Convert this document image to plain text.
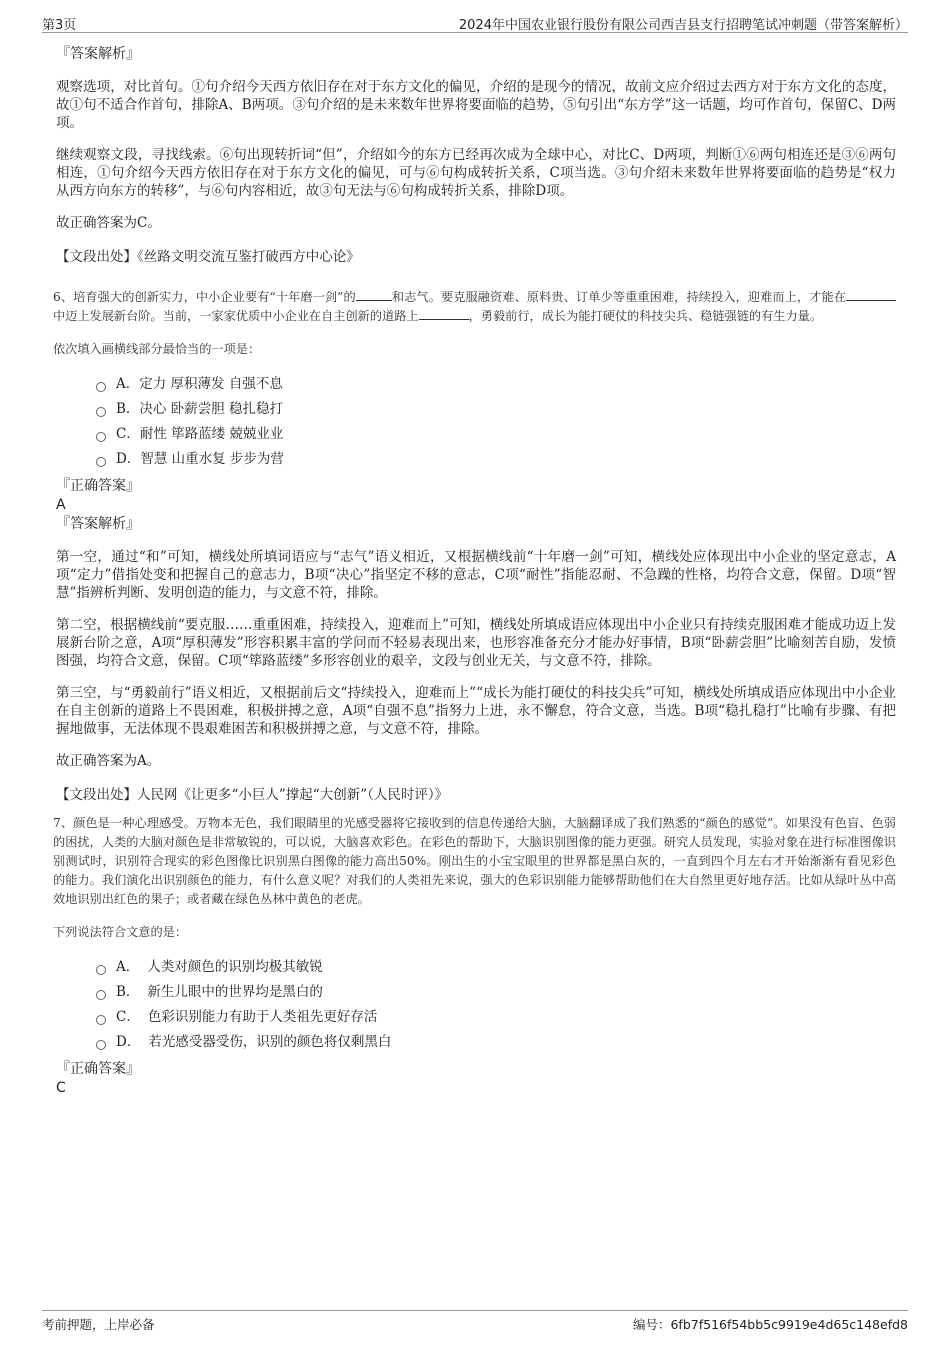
第3页	2024年中国农业银行股份有限公司西吉县支行招聘笔试冲刺题（带答案解析）

『答案解析』

观察选项，对比首句。①句介绍今天西方依旧存在对于东方文化的偏见，介绍的是现今的情况，故前文应介绍过去西方对于东方文化的态度，故①句不适合作首句，排除A、B两项。③句介绍的是未来数年世界将要面临的趋势，⑤句引出“东方学”这一话题，均可作首句，保留C、D两项。

继续观察文段，寻找线索。⑥句出现转折词“但”，介绍如今的东方已经再次成为全球中心，对比C、D两项，判断①⑥两句相连还是③⑥两句相连，①句介绍今天西方依旧存在对于东方文化的偏见，可与⑥句构成转折关系，C项当选。③句介绍未来数年世界将要面临的趋势是“权力从西方向东方的转移”，与⑥句内容相近，故③句无法与⑥句构成转折关系，排除D项。

故正确答案为C。

【文段出处】《丝路文明交流互鉴打破西方中心论》

6、培育强大的创新实力，中小企业要有“十年磨一剑”的	和志气。要克服融资难、原料贵、订单少等重重困难，持续投入，迎难而上，才能在中迈上发展新台阶。当前，一家家优质中小企业在自主创新的道路上	，勇毅前行，成长为能打硬仗的科技尖兵、稳链强链的有生力量。

依次填入画横线部分最恰当的一项是：

A． 定力 厚积薄发 自强不息
B． 决心 卧薪尝胆 稳扎稳打
C． 耐性 筚路蓝缕 兢兢业业
D． 智慧 山重水复 步步为营

『正确答案』

A

『答案解析』

第一空，通过“和”可知，横线处所填词语应与“志气”语义相近，又根据横线前“十年磨一剑”可知，横线处应体现出中小企业的坚定意志，A项“定力”借指处变和把握自己的意志力，B项“决心”指坚定不移的意志，C项“耐性”指能忍耐、不急躁的性格，均符合文意，保留。D项“智慧”指辨析判断、发明创造的能力，与文意不符，排除。

第二空，根据横线前“要克服……重重困难，持续投入，迎难而上”可知，横线处所填成语应体现出中小企业只有持续克服困难才能成功迈上发展新台阶之意，A项“厚积薄发”形容积累丰富的学问而不轻易表现出来，也形容准备充分才能办好事情，B项“卧薪尝胆”比喻刻苦自励，发愤图强，均符合文意，保留。C项“筚路蓝缕”多形容创业的艰辛，文段与创业无关，与文意不符，排除。

第三空，与“勇毅前行”语义相近，又根据前后文“持续投入，迎难而上”“成长为能打硬仗的科技尖兵”可知，横线处所填成语应体现出中小企业在自主创新的道路上不畏困难，积极拼搏之意，A项“自强不息”指努力上进，永不懈怠，符合文意，当选。B项“稳扎稳打”比喻有步骤、有把握地做事，无法体现不畏艰难困苦和积极拼搏之意，与文意不符，排除。

故正确答案为A。

【文段出处】人民网《让更多“小巨人”撑起“大创新”（人民时评）》

7、颜色是一种心理感受。万物本无色，我们眼睛里的光感受器将它接收到的信息传递给大脑，大脑翻译成了我们熟悉的“颜色的感觉”。如果没有色盲、色弱的困扰，人类的大脑对颜色是非常敏锐的，可以说，大脑喜欢彩色。在彩色的帮助下，大脑识别图像的能力更强。研究人员发现，实验对象在进行标准图像识别测试时，识别符合现实的彩色图像比识别黑白图像的能力高出50%。刚出生的小宝宝眼里的世界都是黑白灰的，一直到四个月左右才开始渐渐有看见彩色的能力。我们演化出识别颜色的能力，有什么意义呢？对我们的人类祖先来说，强大的色彩识别能力能够帮助他们在大自然里更好地存活。比如从绿叶丛中高效地识别出红色的果子；或者藏在绿色丛林中黄色的老虎。

下列说法符合文意的是：

A． 人类对颜色的识别均极其敏锐
B． 新生儿眼中的世界均是黑白的
C． 色彩识别能力有助于人类祖先更好存活
D． 若光感受器受伤，识别的颜色将仅剩黑白

『正确答案』

C

考前押题，上岸必备	编号：6fb7f516f54bb5c9919e4d65c148efd8
